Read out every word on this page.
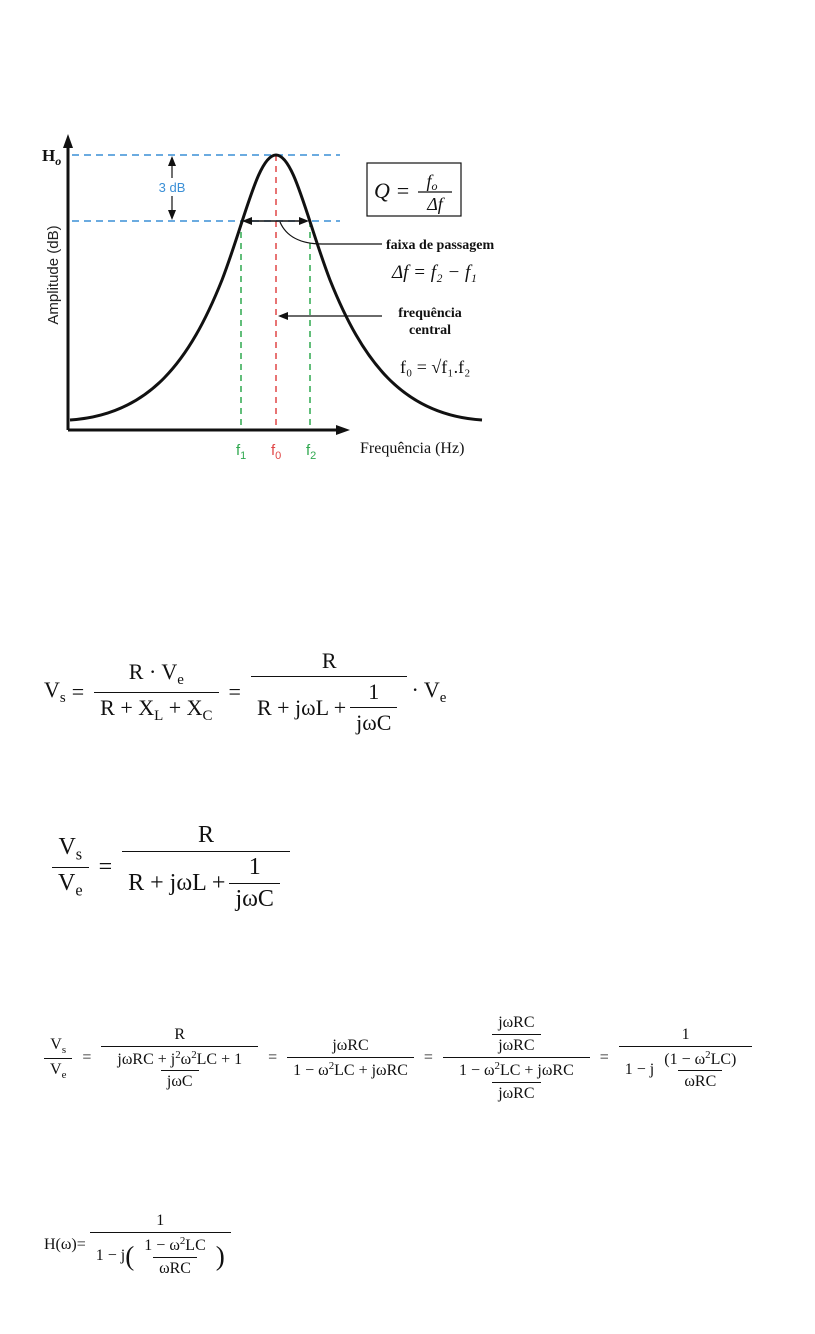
Amplitude (dB)
Frequência (Hz)
$H_o$
3 dB
$f_1$ $f_0$ $f_2$
Q = fo
Δf
faixa de passagem
Δf = f₂ − f₁
frequência
central
f₀ = √f₁.f₂
$V_s = \frac{R \cdot V_e}{R + X_L + X_C} = \frac{R}{R + j\omega L + \frac{1}{\text{jωC}}} \cdot V_e$
$\frac{V_s}{V_e} = \frac{R}{R + j\omega L + \frac{1}{\text{jωC}}}$
$\frac{V_s}{V_e} = \frac{R}{\frac{j\omega RC + j^2\omega^2LC + 1}{\text{jωC}}} = \frac{\text{jωRC}}{1 - \omega^2LC + j\omega RC} = \frac{\frac{\text{jωRC}}{\text{jωRC}}}{\frac{1 - \omega^2LC + j\omega RC}{\text{jωRC}}} = \frac{1}{1 - j \frac{(1 - \omega^2LC)}{\text{ωRC}}}$
H(ω)=
1
1 − j ( $\frac{1 - \omega^2LC}{\text{ωRC}}$ )
